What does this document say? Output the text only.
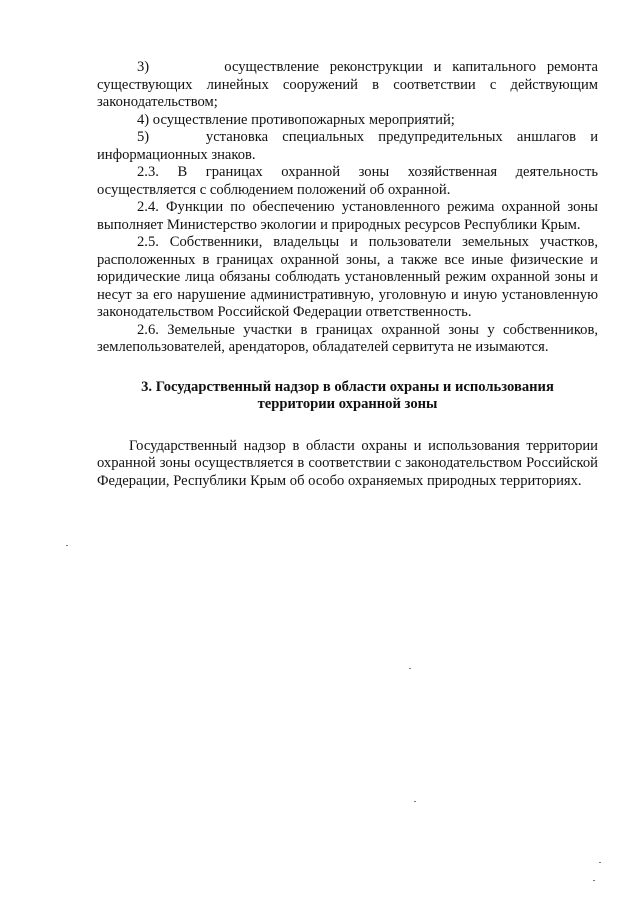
3)       осуществление реконструкции и капитального ремонта существующих линейных сооружений в соответствии с действующим законодательством;

4) осуществление противопожарных мероприятий;

5)    установка специальных предупредительных аншлагов и информационных знаков.

2.3. В границах охранной зоны хозяйственная деятельность осуществляется с соблюдением положений об охранной.

2.4. Функции по обеспечению установленного режима охранной зоны выполняет Министерство экологии и природных ресурсов Республики Крым.

2.5. Собственники, владельцы и пользователи земельных участков, расположенных в границах охранной зоны, а также все иные физические и юридические лица обязаны соблюдать установленный режим охранной зоны и несут за его нарушение административную, уголовную и иную установленную законодательством Российской Федерации ответственность.

2.6. Земельные участки в границах охранной зоны у собственников, землепользователей, арендаторов, обладателей сервитута не изымаются.

3. Государственный надзор в области охраны и использования территории охранной зоны

Государственный надзор в области охраны и использования территории охранной зоны осуществляется в соответствии с законодательством Российской Федерации, Республики Крым об особо охраняемых природных территориях.
